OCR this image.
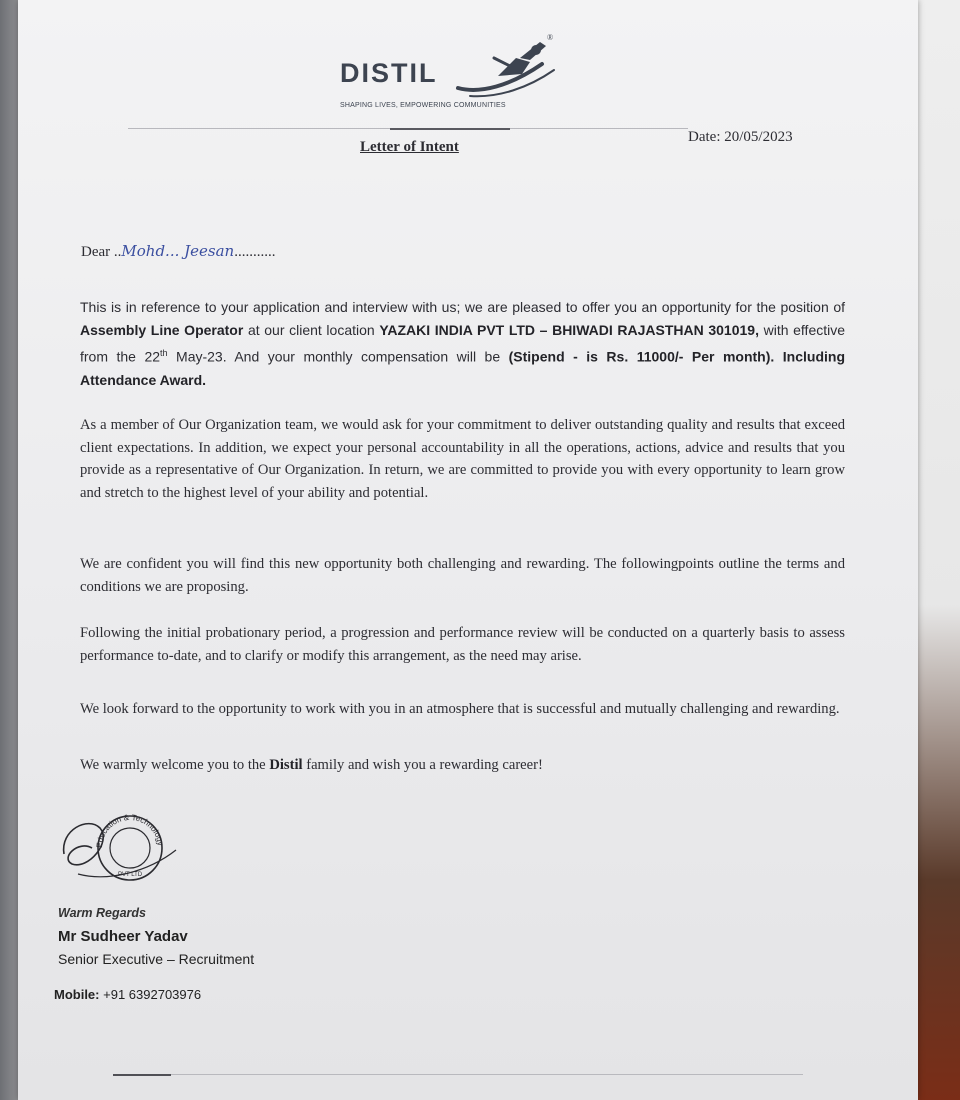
DISTIL
®
SHAPING LIVES, EMPOWERING COMMUNITIES
Letter of Intent
Date: 20/05/2023
Dear ..Mohd... Jeesan...........

This is in reference to your application and interview with us; we are pleased to offer you an opportunity for the position of Assembly Line Operator at our client location YAZAKI INDIA PVT LTD – BHIWADI RAJASTHAN 301019, with effective from the 22th May-23. And your monthly compensation will be (Stipend - is Rs. 11000/- Per month). Including Attendance Award.

As a member of Our Organization team, we would ask for your commitment to deliver outstanding quality and results that exceed client expectations. In addition, we expect your personal accountability in all the operations, actions, advice and results that you provide as a representative of Our Organization. In return, we are committed to provide you with every opportunity to learn grow and stretch to the highest level of your ability and potential.

We are confident you will find this new opportunity both challenging and rewarding. The followingpoints outline the terms and conditions we are proposing.

Following the initial probationary period, a progression and performance review will be conducted on a quarterly basis to assess performance to-date, and to clarify or modify this arrangement, as the need may arise.

We look forward to the opportunity to work with you in an atmosphere that is successful and mutually challenging and rewarding.

We warmly welcome you to the Distil family and wish you a rewarding career!

Education & Technology
PVT LTD
Warm Regards
Mr Sudheer Yadav
Senior Executive – Recruitment
Mobile: +91 6392703976
